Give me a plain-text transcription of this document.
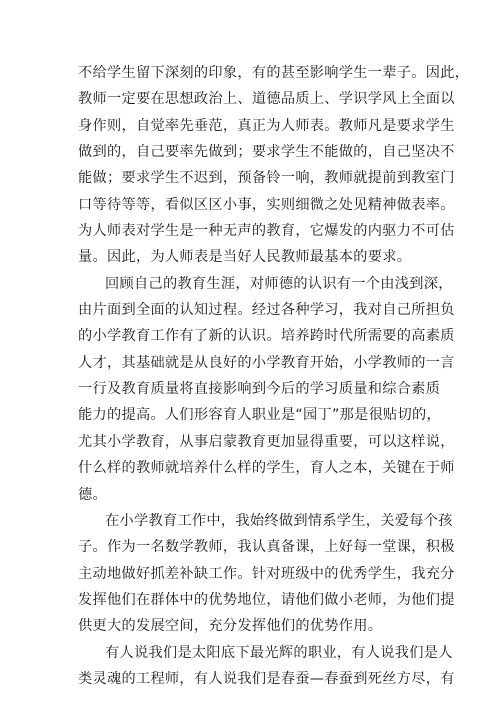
不给学生留下深刻的印象，有的甚至影响学生一辈子。因此，
教师一定要在思想政治上、道德品质上、学识学风上全面以
身作则，自觉率先垂范，真正为人师表。教师凡是要求学生
做到的，自己要率先做到；要求学生不能做的，自己坚决不
能做；要求学生不迟到，预备铃一响，教师就提前到教室门
口等待等等，看似区区小事，实则细微之处见精神做表率。
为人师表对学生是一种无声的教育，它爆发的内驱力不可估
量。因此，为人师表是当好人民教师最基本的要求。
回顾自己的教育生涯，对师德的认识有一个由浅到深，
由片面到全面的认知过程。经过各种学习，我对自己所担负
的小学教育工作有了新的认识。培养跨时代所需要的高素质
人才，其基础就是从良好的小学教育开始，小学教师的一言
一行及教育质量将直接影响到今后的学习质量和综合素质
能力的提高。人们形容育人职业是“园丁”那是很贴切的，
尤其小学教育，从事启蒙教育更加显得重要，可以这样说，
什么样的教师就培养什么样的学生，育人之本，关键在于师
德。
在小学教育工作中，我始终做到情系学生，关爱每个孩
子。作为一名数学教师，我认真备课，上好每一堂课，积极
主动地做好抓差补缺工作。针对班级中的优秀学生，我充分
发挥他们在群体中的优势地位，请他们做小老师，为他们提
供更大的发展空间，充分发挥他们的优势作用。
有人说我们是太阳底下最光辉的职业，有人说我们是人
类灵魂的工程师，有人说我们是春蚕—春蚕到死丝方尽，有
